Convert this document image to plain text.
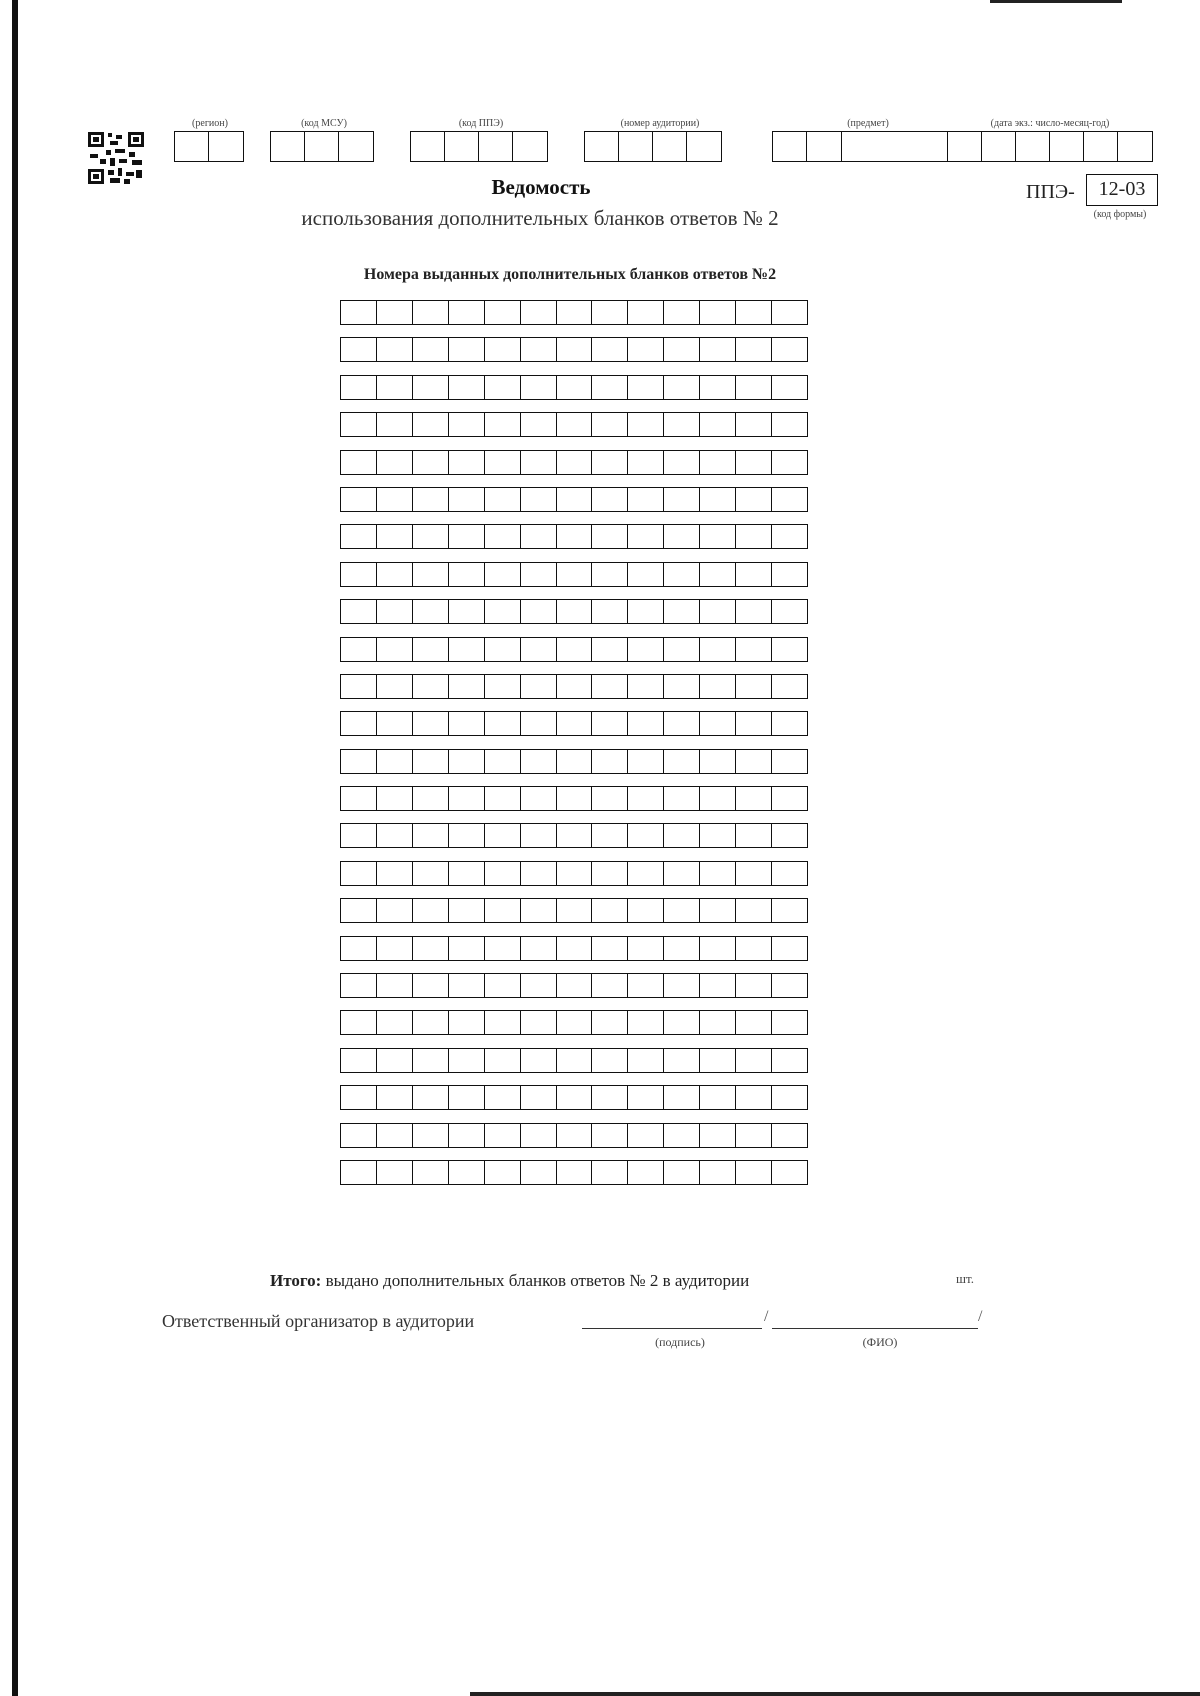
(регион)	(код МСУ)	(код ППЭ)	(номер аудитории)	(предмет)	(дата экз.: число-месяц-год)
Ведомость
использования дополнительных бланков ответов № 2
ППЭ-	12-03
(код формы)
Номера выданных дополнительных бланков ответов №2
Итого: выдано дополнительных бланков ответов № 2 в аудитории	шт.
Ответственный организатор в аудитории	/	/
(подпись)	(ФИО)
